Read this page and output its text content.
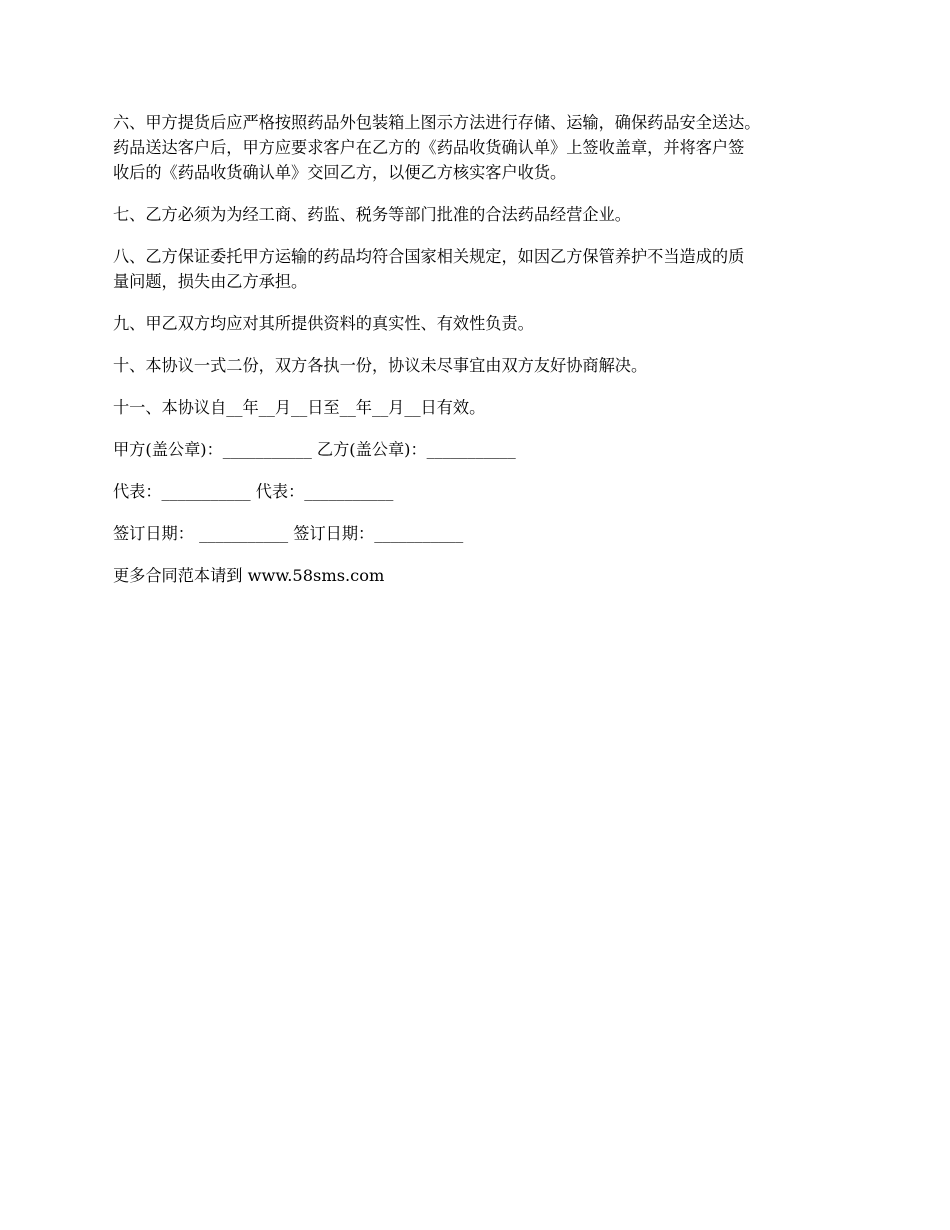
六、甲方提货后应严格按照药品外包装箱上图示方法进行存储、运输，确保药品安全送达。
药品送达客户后，甲方应要求客户在乙方的《药品收货确认单》上签收盖章，并将客户签
收后的《药品收货确认单》交回乙方，以便乙方核实客户收货。

七、乙方必须为为经工商、药监、税务等部门批准的合法药品经营企业。

八、乙方保证委托甲方运输的药品均符合国家相关规定，如因乙方保管养护不当造成的质
量问题，损失由乙方承担。

九、甲乙双方均应对其所提供资料的真实性、有效性负责。

十、本协议一式二份，双方各执一份，协议未尽事宜由双方友好协商解决。

十一、本协议自__年__月__日至__年__月__日有效。

甲方(盖公章)：___________ 乙方(盖公章)：___________

代表：___________ 代表：___________

签订日期： ___________ 签订日期：___________

更多合同范本请到 www.58sms.com
